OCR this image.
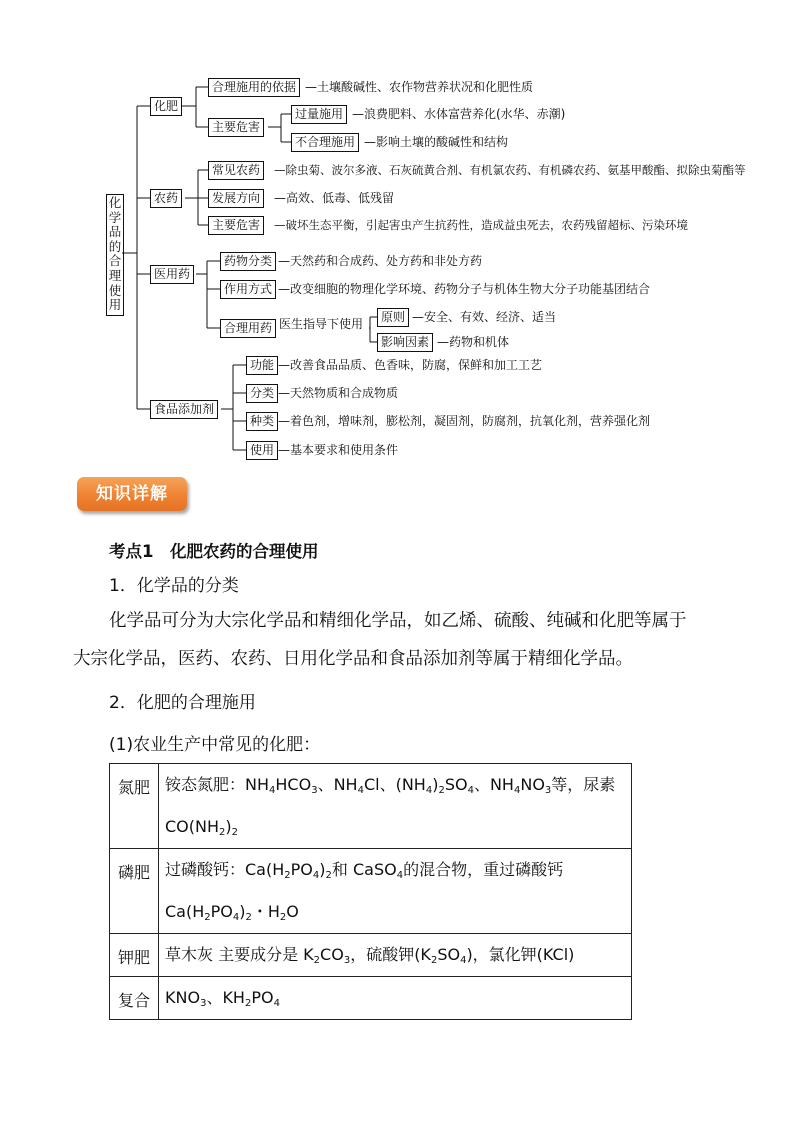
化学品的合理使用
化肥
农药
医用药
食品添加剂
合理施用的依据 —土壤酸碱性、农作物营养状况和化肥性质
主要危害
过量施用 —浪费肥料、水体富营养化(水华、赤潮)
不合理施用 —影响土壤的酸碱性和结构
常见农药	—除虫菊、波尔多液、石灰硫黄合剂、有机氯农药、有机磷农药、氨基甲酸酯、拟除虫菊酯等
发展方向	—高效、低毒、低残留
主要危害	—破坏生态平衡，引起害虫产生抗药性，造成益虫死去，农药残留超标、污染环境
药物分类 —天然药和合成药、处方药和非处方药
作用方式 —改变细胞的物理化学环境、药物分子与机体生物大分子功能基团结合
合理用药 医生指导下使用	原则 —安全、有效、经济、适当
影响因素 —药物和机体
功能 —改善食品品质、色香味，防腐，保鲜和加工工艺
分类 —天然物质和合成物质
种类 —着色剂，增味剂，膨松剂，凝固剂，防腐剂，抗氧化剂，营养强化剂
使用 —基本要求和使用条件
知识详解
考点1　化肥农药的合理使用
1．化学品的分类
化学品可分为大宗化学品和精细化学品，如乙烯、硫酸、纯碱和化肥等属于
大宗化学品，医药、农药、日用化学品和食品添加剂等属于精细化学品。
2．化肥的合理施用
(1)农业生产中常见的化肥：
氮肥	铵态氮肥：$NH_4HCO_3$、$NH_4Cl$、$(NH_4)_2SO_4$、$NH_4NO_3$等，尿素
$CO(NH_2)_2$
磷肥	过磷酸钙：$Ca(H_2PO_4)_2$和 CaSO$_4$的混合物，重过磷酸钙
$Ca(H_2PO_4)_2$・$H_2O$
钾肥	草木灰 主要成分是 $K_2CO_3$，硫酸钾$(K_2SO_4)$，氯化钾(KCl)
复合	$KNO_3$、$KH_2PO_4$
